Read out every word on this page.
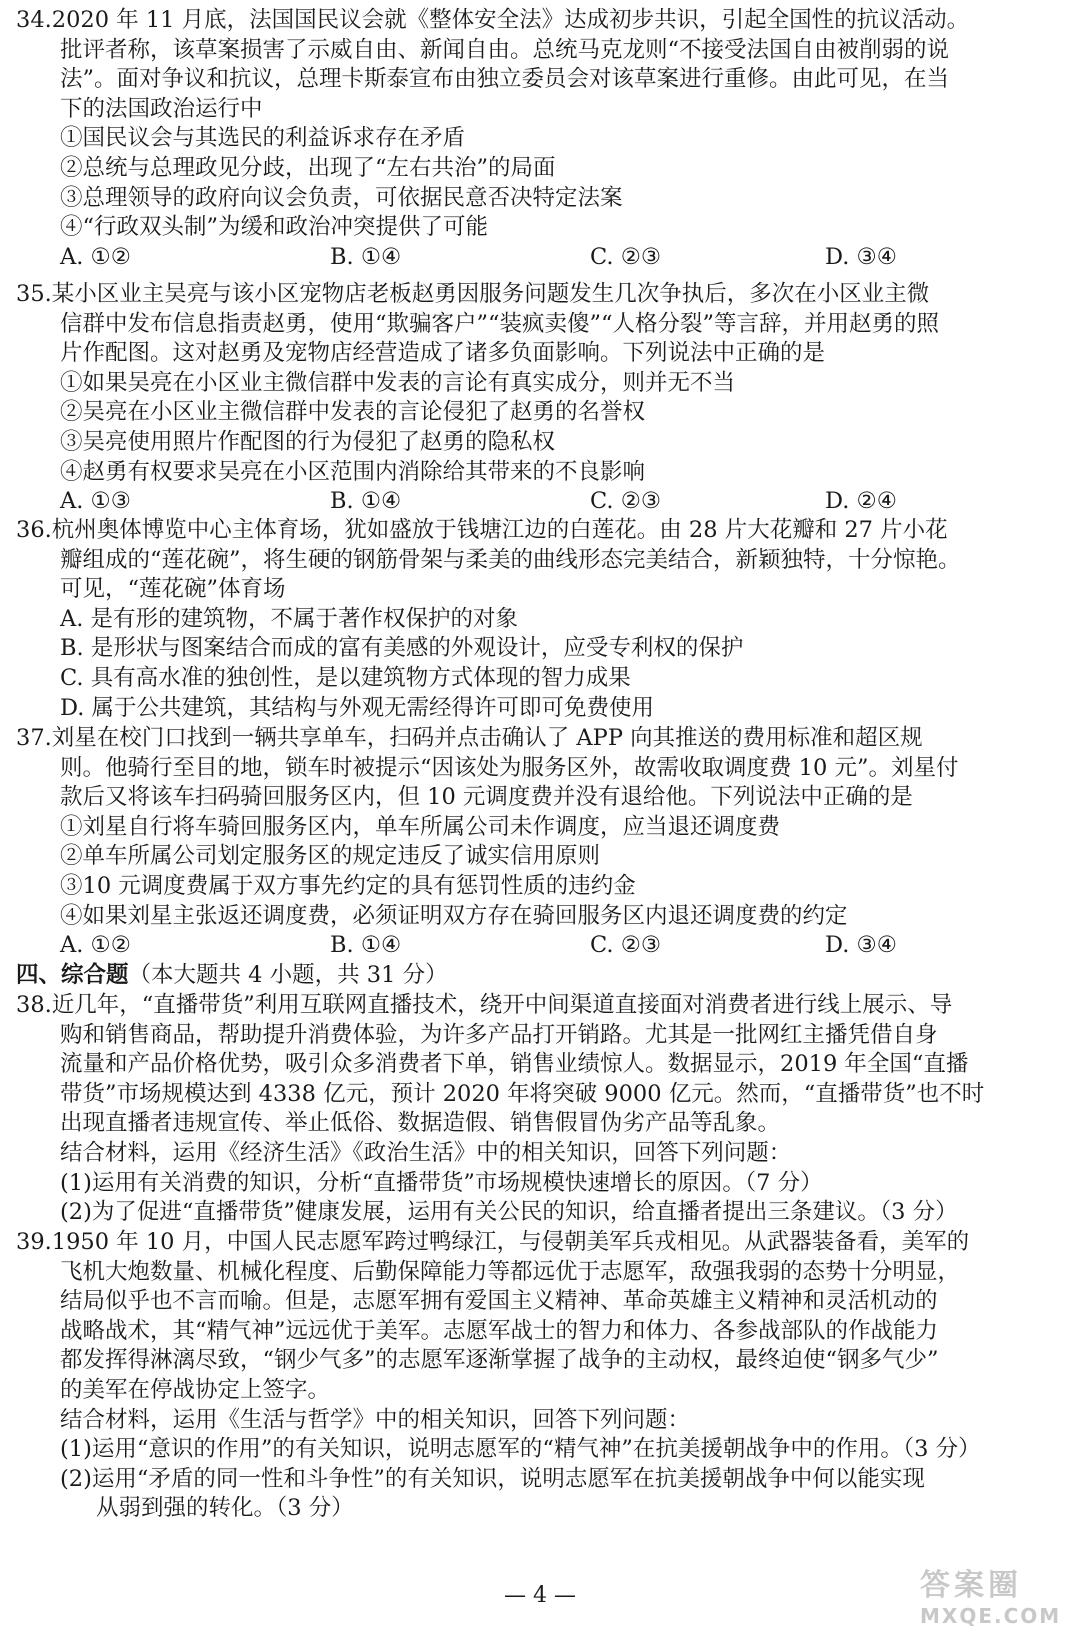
34.2020 年 11 月底，法国国民议会就《整体安全法》达成初步共识，引起全国性的抗议活动。
批评者称，该草案损害了示威自由、新闻自由。总统马克龙则“不接受法国自由被削弱的说
法”。面对争议和抗议，总理卡斯泰宣布由独立委员会对该草案进行重修。由此可见，在当
下的法国政治运行中
①国民议会与其选民的利益诉求存在矛盾
②总统与总理政见分歧，出现了“左右共治”的局面
③总理领导的政府向议会负责，可依据民意否决特定法案
④“行政双头制”为缓和政治冲突提供了可能
A. ①②	B. ①④	C. ②③	D. ③④
35.某小区业主吴亮与该小区宠物店老板赵勇因服务问题发生几次争执后，多次在小区业主微
信群中发布信息指责赵勇，使用“欺骗客户”“装疯卖傻”“人格分裂”等言辞，并用赵勇的照
片作配图。这对赵勇及宠物店经营造成了诸多负面影响。下列说法中正确的是
①如果吴亮在小区业主微信群中发表的言论有真实成分，则并无不当
②吴亮在小区业主微信群中发表的言论侵犯了赵勇的名誉权
③吴亮使用照片作配图的行为侵犯了赵勇的隐私权
④赵勇有权要求吴亮在小区范围内消除给其带来的不良影响
A. ①③	B. ①④	C. ②③	D. ②④
36.杭州奥体博览中心主体育场，犹如盛放于钱塘江边的白莲花。由 28 片大花瓣和 27 片小花
瓣组成的“莲花碗”，将生硬的钢筋骨架与柔美的曲线形态完美结合，新颖独特，十分惊艳。
可见，“莲花碗”体育场
A. 是有形的建筑物，不属于著作权保护的对象
B. 是形状与图案结合而成的富有美感的外观设计，应受专利权的保护
C. 具有高水准的独创性，是以建筑物方式体现的智力成果
D. 属于公共建筑，其结构与外观无需经得许可即可免费使用
37.刘星在校门口找到一辆共享单车，扫码并点击确认了 APP 向其推送的费用标准和超区规
则。他骑行至目的地，锁车时被提示“因该处为服务区外，故需收取调度费 10 元”。刘星付
款后又将该车扫码骑回服务区内，但 10 元调度费并没有退给他。下列说法中正确的是
①刘星自行将车骑回服务区内，单车所属公司未作调度，应当退还调度费
②单车所属公司划定服务区的规定违反了诚实信用原则
③10 元调度费属于双方事先约定的具有惩罚性质的违约金
④如果刘星主张返还调度费，必须证明双方存在骑回服务区内退还调度费的约定
A. ①②	B. ①④	C. ②③	D. ③④
四、综合题（本大题共 4 小题，共 31 分）
38.近几年，“直播带货”利用互联网直播技术，绕开中间渠道直接面对消费者进行线上展示、导
购和销售商品，帮助提升消费体验，为许多产品打开销路。尤其是一批网红主播凭借自身
流量和产品价格优势，吸引众多消费者下单，销售业绩惊人。数据显示，2019 年全国“直播
带货”市场规模达到 4338 亿元，预计 2020 年将突破 9000 亿元。然而，“直播带货”也不时
出现直播者违规宣传、举止低俗、数据造假、销售假冒伪劣产品等乱象。
结合材料，运用《经济生活》《政治生活》中的相关知识，回答下列问题：
(1)运用有关消费的知识，分析“直播带货”市场规模快速增长的原因。（7 分）
(2)为了促进“直播带货”健康发展，运用有关公民的知识，给直播者提出三条建议。（3 分）
39.1950 年 10 月，中国人民志愿军跨过鸭绿江，与侵朝美军兵戎相见。从武器装备看，美军的
飞机大炮数量、机械化程度、后勤保障能力等都远优于志愿军，敌强我弱的态势十分明显，
结局似乎也不言而喻。但是，志愿军拥有爱国主义精神、革命英雄主义精神和灵活机动的
战略战术，其“精气神”远远优于美军。志愿军战士的智力和体力、各参战部队的作战能力
都发挥得淋漓尽致，“钢少气多”的志愿军逐渐掌握了战争的主动权，最终迫使“钢多气少”
的美军在停战协定上签字。
结合材料，运用《生活与哲学》中的相关知识，回答下列问题：
(1)运用“意识的作用”的有关知识，说明志愿军的“精气神”在抗美援朝战争中的作用。（3 分）
(2)运用“矛盾的同一性和斗争性”的有关知识，说明志愿军在抗美援朝战争中何以能实现
从弱到强的转化。（3 分）
— 4 —	答案圈
MXQE.COM
